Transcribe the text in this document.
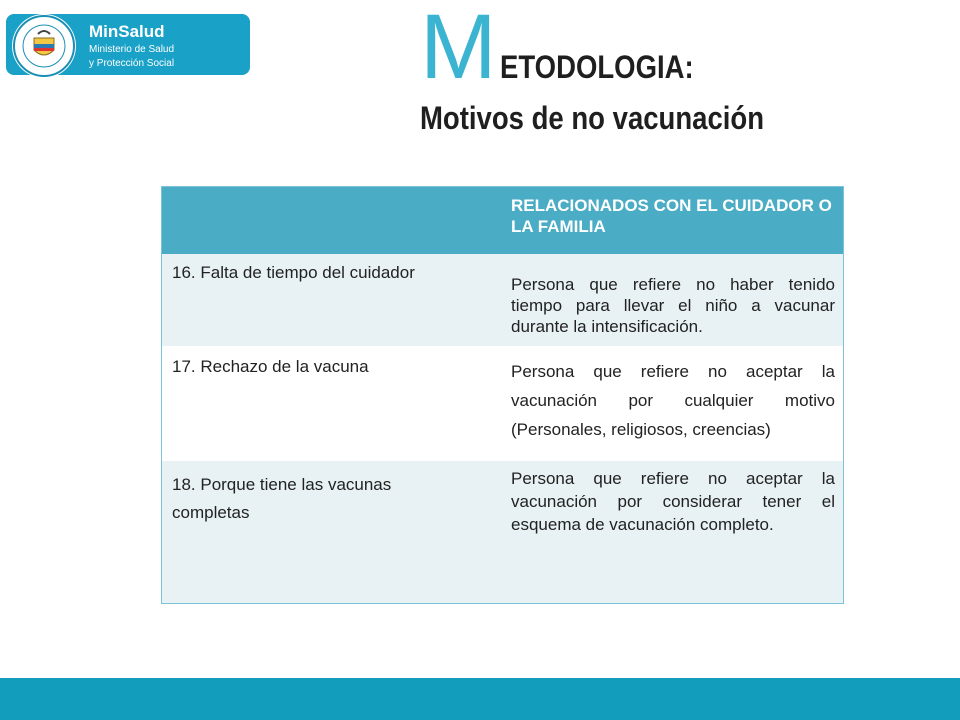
MinSalud
Ministerio de Salud
y Protección Social	M ETODOLOGIA:
Motivos de no vacunación
RELACIONADOS CON EL CUIDADOR O LA FAMILIA
16. Falta de tiempo del cuidador
Persona que refiere no haber tenido tiempo para llevar el niño a vacunar durante la intensificación.
17. Rechazo de la vacuna	Persona que refiere no aceptar la vacunación por cualquier motivo (Personales, religiosos, creencias)
18. Porque tiene las vacunas completas
Persona que refiere no aceptar la vacunación por considerar tener el esquema de vacunación completo.
